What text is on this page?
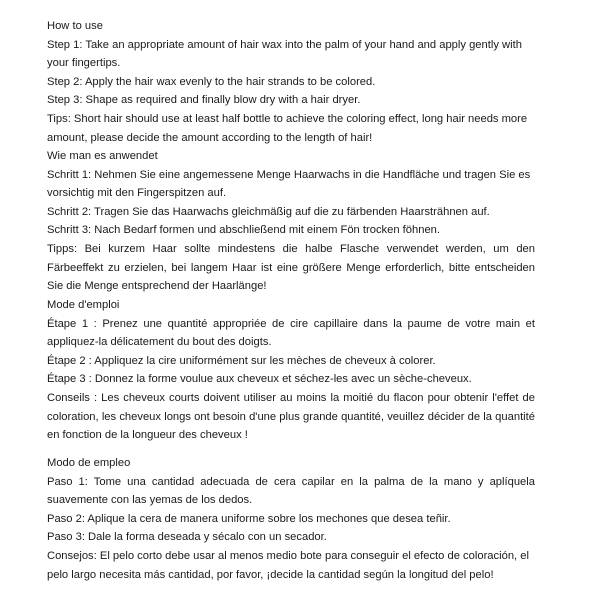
How to use

Step 1: Take an appropriate amount of hair wax into the palm of your hand and apply gently with your fingertips.

Step 2: Apply the hair wax evenly to the hair strands to be colored.

Step 3: Shape as required and finally blow dry with a hair dryer.

Tips: Short hair should use at least half bottle to achieve the coloring effect, long hair needs more amount, please decide the amount according to the length of hair!

Wie man es anwendet

Schritt 1: Nehmen Sie eine angemessene Menge Haarwachs in die Handfläche und tragen Sie es vorsichtig mit den Fingerspitzen auf.

Schritt 2: Tragen Sie das Haarwachs gleichmäßig auf die zu färbenden Haarsträhnen auf.

Schritt 3: Nach Bedarf formen und abschließend mit einem Fön trocken föhnen.

Tipps: Bei kurzem Haar sollte mindestens die halbe Flasche verwendet werden, um den Färbeeffekt zu erzielen, bei langem Haar ist eine größere Menge erforderlich, bitte entscheiden Sie die Menge entsprechend der Haarlänge!

Mode d'emploi

Étape 1 : Prenez une quantité appropriée de cire capillaire dans la paume de votre main et appliquez-la délicatement du bout des doigts.

Étape 2 : Appliquez la cire uniformément sur les mèches de cheveux à colorer.

Étape 3 : Donnez la forme voulue aux cheveux et séchez-les avec un sèche-cheveux.

Conseils : Les cheveux courts doivent utiliser au moins la moitié du flacon pour obtenir l'effet de coloration, les cheveux longs ont besoin d'une plus grande quantité, veuillez décider de la quantité en fonction de la longueur des cheveux !

Modo de empleo

Paso 1: Tome una cantidad adecuada de cera capilar en la palma de la mano y aplíquela suavemente con las yemas de los dedos.

Paso 2: Aplique la cera de manera uniforme sobre los mechones que desea teñir.

Paso 3: Dale la forma deseada y sécalo con un secador.

Consejos: El pelo corto debe usar al menos medio bote para conseguir el efecto de coloración, el pelo largo necesita más cantidad, por favor, ¡decide la cantidad según la longitud del pelo!
